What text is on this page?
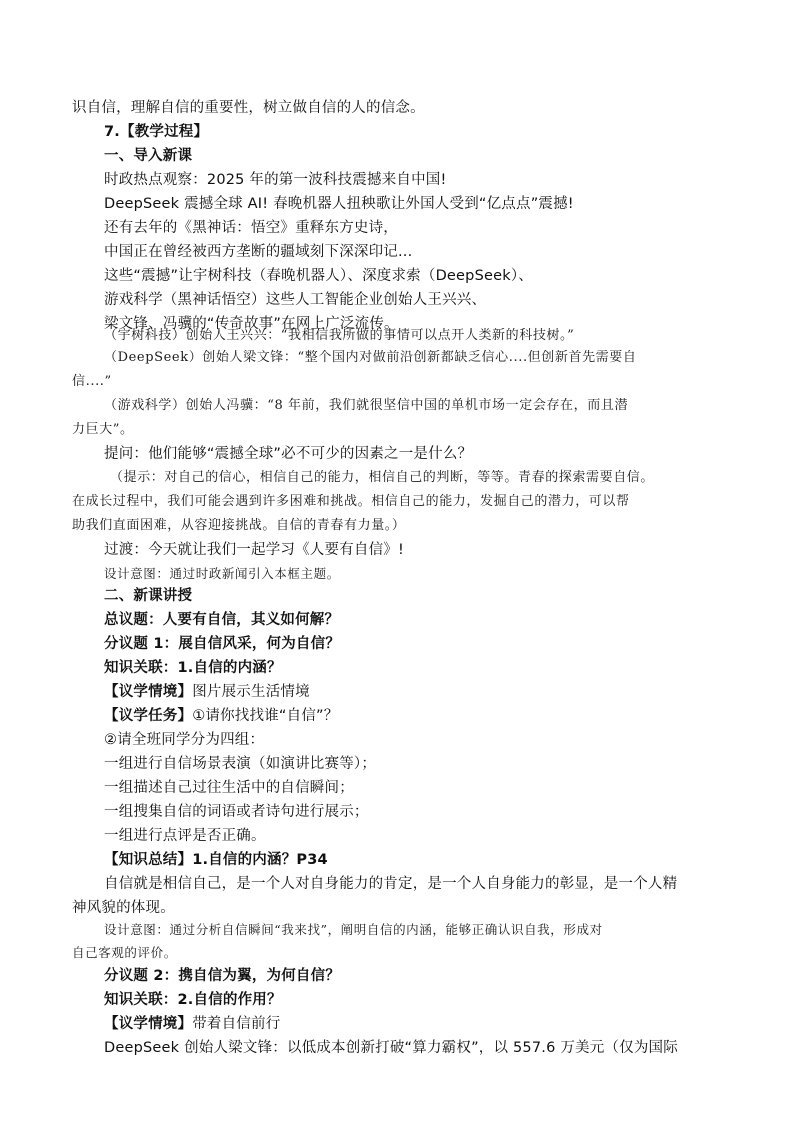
识自信，理解自信的重要性，树立做自信的人的信念。
7.【教学过程】
一、导入新课
时政热点观察：2025 年的第一波科技震撼来自中国!
DeepSeek 震撼全球 AI! 春晚机器人扭秧歌让外国人受到“亿点点”震撼!
还有去年的《黑神话：悟空》重释东方史诗，
中国正在曾经被西方垄断的疆域刻下深深印记...
这些“震撼”让宇树科技（春晚机器人）、深度求索（DeepSeek）、
游戏科学（黑神话悟空）这些人工智能企业创始人王兴兴、
梁文锋、冯骥的“传奇故事”在网上广泛流传。
（宇树科技）创始人王兴兴：“我相信我所做的事情可以点开人类新的科技树。”
（DeepSeek）创始人梁文锋：“整个国内对做前沿创新都缺乏信心....但创新首先需要自
信....”
（游戏科学）创始人冯骥：“8 年前，我们就很坚信中国的单机市场一定会存在，而且潜
力巨大”。
提问：他们能够“震撼全球”必不可少的因素之一是什么？
（提示：对自己的信心，相信自己的能力，相信自己的判断，等等。青春的探索需要自信。
在成长过程中，我们可能会遇到许多困难和挑战。相信自己的能力，发掘自己的潜力，可以帮
助我们直面困难，从容迎接挑战。自信的青春有力量。）
过渡：今天就让我们一起学习《人要有自信》!
设计意图：通过时政新闻引入本框主题。
二、新课讲授
总议题：人要有自信，其义如何解？
分议题 1：展自信风采，何为自信？
知识关联：1.自信的内涵？
【议学情境】图片展示生活情境
【议学任务】①请你找找谁“自信”？
②请全班同学分为四组：
一组进行自信场景表演（如演讲比赛等）；
一组描述自己过往生活中的自信瞬间；
一组搜集自信的词语或者诗句进行展示；
一组进行点评是否正确。
【知识总结】1.自信的内涵？P34
自信就是相信自己，是一个人对自身能力的肯定，是一个人自身能力的彰显，是一个人精
神风貌的体现。
设计意图：通过分析自信瞬间“我来找”，阐明自信的内涵，能够正确认识自我，形成对
自己客观的评价。
分议题 2：携自信为翼，为何自信？
知识关联：2.自信的作用？
【议学情境】带着自信前行
DeepSeek 创始人梁文锋：以低成本创新打破“算力霸权”，以 557.6 万美元（仅为国际
